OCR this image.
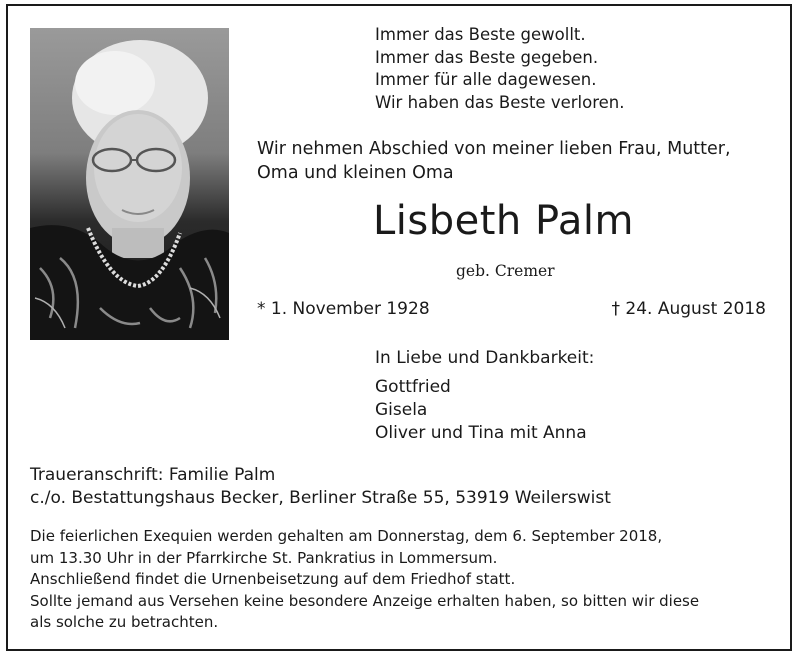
Immer das Beste gewollt.
Immer das Beste gegeben.
Immer für alle dagewesen.
Wir haben das Beste verloren.
Wir nehmen Abschied von meiner lieben Frau, Mutter,
Oma und kleinen Oma
Lisbeth Palm
geb. Cremer
* 1. November 1928	† 24. August 2018
In Liebe und Dankbarkeit:
Gottfried
Gisela
Oliver und Tina mit Anna
Traueranschrift: Familie Palm
c./o. Bestattungshaus Becker, Berliner Straße 55, 53919 Weilerswist
Die feierlichen Exequien werden gehalten am Donnerstag, dem 6. September 2018,
um 13.30 Uhr in der Pfarrkirche St. Pankratius in Lommersum.
Anschließend findet die Urnenbeisetzung auf dem Friedhof statt.
Sollte jemand aus Versehen keine besondere Anzeige erhalten haben, so bitten wir diese
als solche zu betrachten.
